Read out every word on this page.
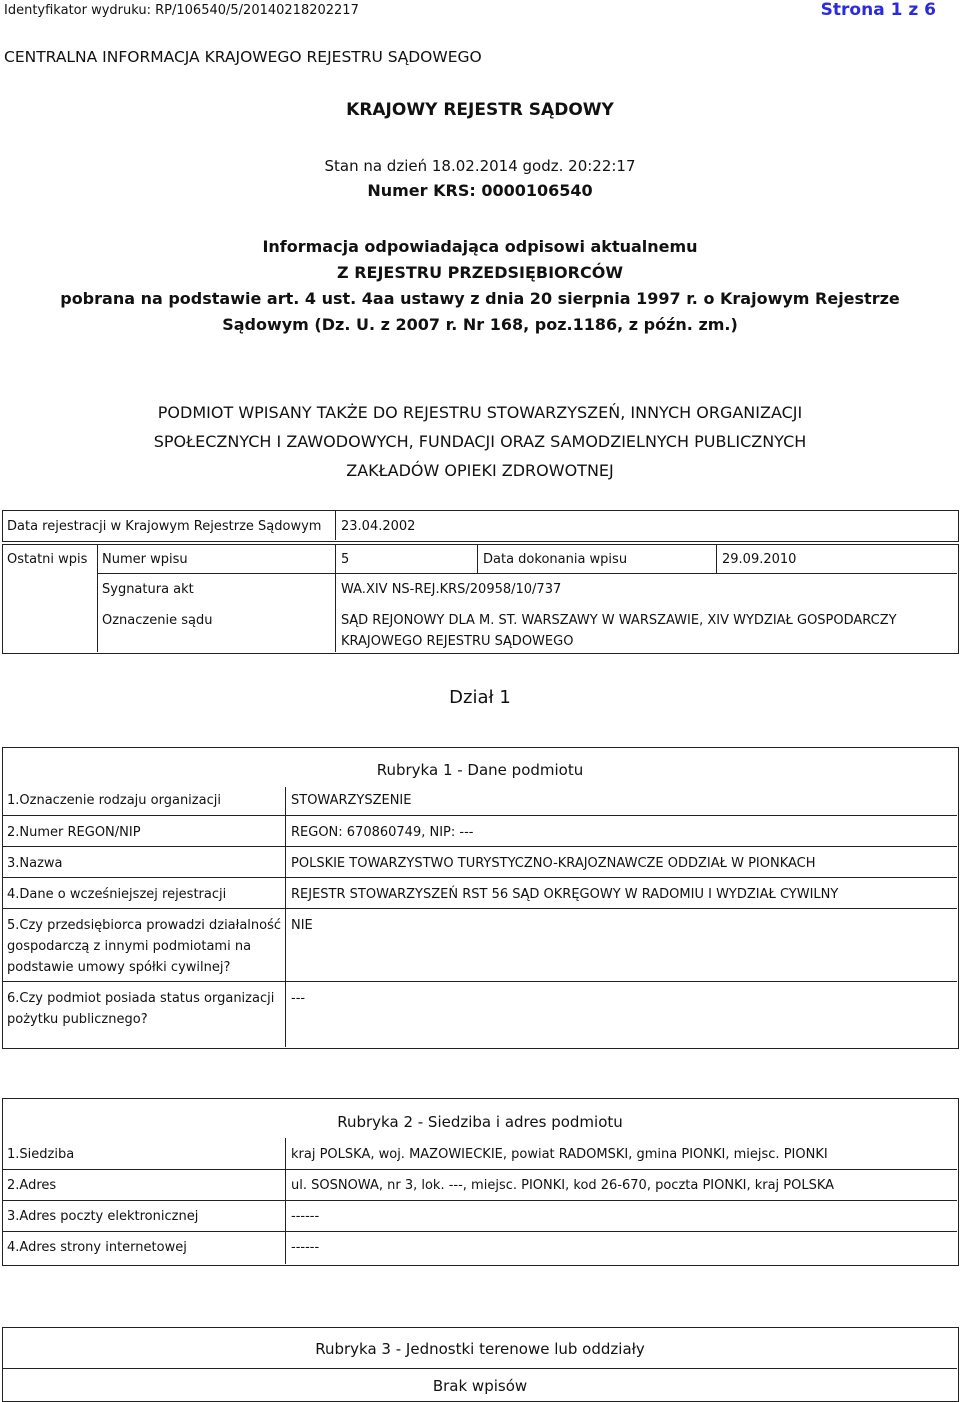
Identyfikator wydruku: RP/106540/5/20140218202217	Strona 1 z 6
CENTRALNA INFORMACJA KRAJOWEGO REJESTRU SĄDOWEGO
KRAJOWY REJESTR SĄDOWY
Stan na dzień 18.02.2014 godz. 20:22:17
Numer KRS: 0000106540
Informacja odpowiadająca odpisowi aktualnemu
Z REJESTRU PRZEDSIĘBIORCÓW
pobrana na podstawie art. 4 ust. 4aa ustawy z dnia 20 sierpnia 1997 r. o Krajowym Rejestrze
Sądowym (Dz. U. z 2007 r. Nr 168, poz.1186, z późn. zm.)
PODMIOT WPISANY TAKŻE DO REJESTRU STOWARZYSZEŃ, INNYCH ORGANIZACJI
SPOŁECZNYCH I ZAWODOWYCH, FUNDACJI ORAZ SAMODZIELNYCH PUBLICZNYCH
ZAKŁADÓW OPIEKI ZDROWOTNEJ
Data rejestracji w Krajowym Rejestrze Sądowym 23.04.2002
Ostatni wpis Numer wpisu	5	Data dokonania wpisu	29.09.2010
Sygnatura akt	WA.XIV NS-REJ.KRS/20958/10/737
Oznaczenie sądu	SĄD REJONOWY DLA M. ST. WARSZAWY W WARSZAWIE, XIV WYDZIAŁ GOSPODARCZY
KRAJOWEGO REJESTRU SĄDOWEGO
Dział 1
Rubryka 1 - Dane podmiotu
1.Oznaczenie rodzaju organizacji	STOWARZYSZENIE
2.Numer REGON/NIP	REGON: 670860749, NIP: ---
3.Nazwa	POLSKIE TOWARZYSTWO TURYSTYCZNO-KRAJOZNAWCZE ODDZIAŁ W PIONKACH
4.Dane o wcześniejszej rejestracji	REJESTR STOWARZYSZEŃ RST 56 SĄD OKRĘGOWY W RADOMIU I WYDZIAŁ CYWILNY
5.Czy przedsiębiorca prowadzi działalność
gospodarczą z innymi podmiotami na
podstawie umowy spółki cywilnej?
NIE
6.Czy podmiot posiada status organizacji
pożytku publicznego?
---
Rubryka 2 - Siedziba i adres podmiotu
1.Siedziba	kraj POLSKA, woj. MAZOWIECKIE, powiat RADOMSKI, gmina PIONKI, miejsc. PIONKI
2.Adres	ul. SOSNOWA, nr 3, lok. ---, miejsc. PIONKI, kod 26-670, poczta PIONKI, kraj POLSKA
3.Adres poczty elektronicznej	------
4.Adres strony internetowej	------
Rubryka 3 - Jednostki terenowe lub oddziały
Brak wpisów
